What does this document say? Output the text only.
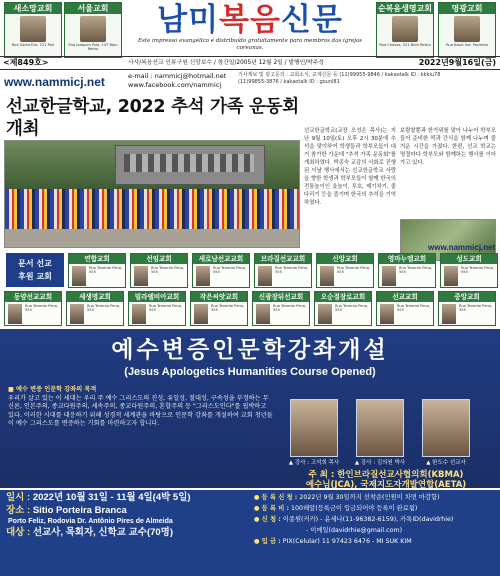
새소망교회
Rua Santo Elis, 221 Pari
서울교회
Rua Joaquim Piza, 147 Bom Retiro
남미복음신문
Este impresso evangélico é distribuído gratuitamente para membros das igrejas coreanas.
순복음생명교회
Rua Chaves, 321 Bom Retiro
명광교회
Rua Kaloc Ind. Pacimba
<제849호>	사사/복음선교 인류구원 신앙보수 / 창간일/2005년 12월 2일 / 발행인/박주성	2022년9월16일(금)
www.nammicj.net	e-mail : nammicj@hotmail.net
www.facebook.com/nammicj
기사제보 및 광고문의 : 교회소식, 교계신문 등 (11)99955-9846 / kakaotalk ID : kkkiu78
(11)99855-3876 / kakaotalk ID : gounl81
선교한글학교, 2022 추석 가족 운동회 개최	선교한글학교(교장 오성은 목사)는 지난 9월 10일(토) 오후 2시 30분에 추석을 맞이하여 학생들과 학부모들이 대거 참가한 가운데 "추석 가족 운동회"를 개최하였다. 박종숙 교감의 사회로 진행된 이날 행사에서는 선교한글학교 사랑을 향한 학생과 학부모들이 함께 한국의 전통놀이인 윷놀이, 투호, 제기차기, 줄다리기 등을 즐기며 한국의 추석을 기억하였다.
보람찰뿐과 한가위를 맞아 나누어 학부모들이 준비한 떡과 간식을 함께 나누며 즐거운 시간을 가졌다. 한편, 선교 학교는 명절마다 학부모와 함께하는 행사를 이어가고 있다.
www.nammicj.net
문서 선교
후원 교회
연합교회
Rua Tenente Pena, 555
선임교회
Rua Tenente Pena, 555
새로남선교교회
Rua Tenente Pena, 555
브라질선교교회
Rua Tenente Pena, 555
신앙교회
Rua Tenente Pena, 555
영마누엘교회
Rua Tenente Pena, 555
성도교회
Rua Tenente Pena, 555
동양선교교회
Rua Tenente Pena, 555
새생명교회
Rua Tenente Pena, 555
빌라델비아교회
Rua Tenente Pena, 555
작은씨앗교회
Rua Tenente Pena, 555
신광장뒤선교회
Rua Tenente Pena, 555
오순절장로교회
Rua Tenente Pena, 555
선교교회
Rua Tenente Pena, 555
중앙교회
Rua Tenente Pena, 555
예수변증인문학강좌개설
(Jesus Apologetics Humanities Course Opened)
■ 예수 변증 인문학 강좌의 목적
우리가 살고 있는 이 세대는 우리 주 예수 그리스도의 진성, 유일성, 절대성, 구속성을 부정하는 무신론, 인본주의, 종교다원주의, 세속주의, 종교다원주의, 혼합주의 등 "그리스도인다"를 핍박하고 있다. 이러한 시대를 대응하기 위해 성경적 세계관을 바탕으로 인문학 강좌를 개설하여 교회 청년들이 예수 그리스도를 변증하는 기회를 마련하고자 합니다.
▲ 강사 : 고석희 목사	▲ 강사 : 김의원 박사	▲ 한도수 선교사
주 최 : 한인브라질선교사협의회(KBMA)
예수님(JCA), 국제지도자개발연합(AETA)
일시 : 2022년 10월 31일 - 11월 4일(4박 5일)
장소 : Sitio Porteira Branca
Porto Feliz, Rodovia Dr. Antônio Pires de Almeida
대상 : 선교사, 목회자, 신학교 교수(70명)
● 등 록 신 청 : 2022년 9월 30일까지 선착순(인원이 차면 마감함)
● 등 록 비 : 100헤알(등록금이 입금되어야 등록이 완료됨)
● 신 청 : 이종원(커카) - 윤세나(11-96382-6159), 카톡ID(davidrhie)
- 이메일(davidrhie@gmail.com)
● 입 금 : PIX(Celular) 11 97423 6476 - MI SUK KIM
